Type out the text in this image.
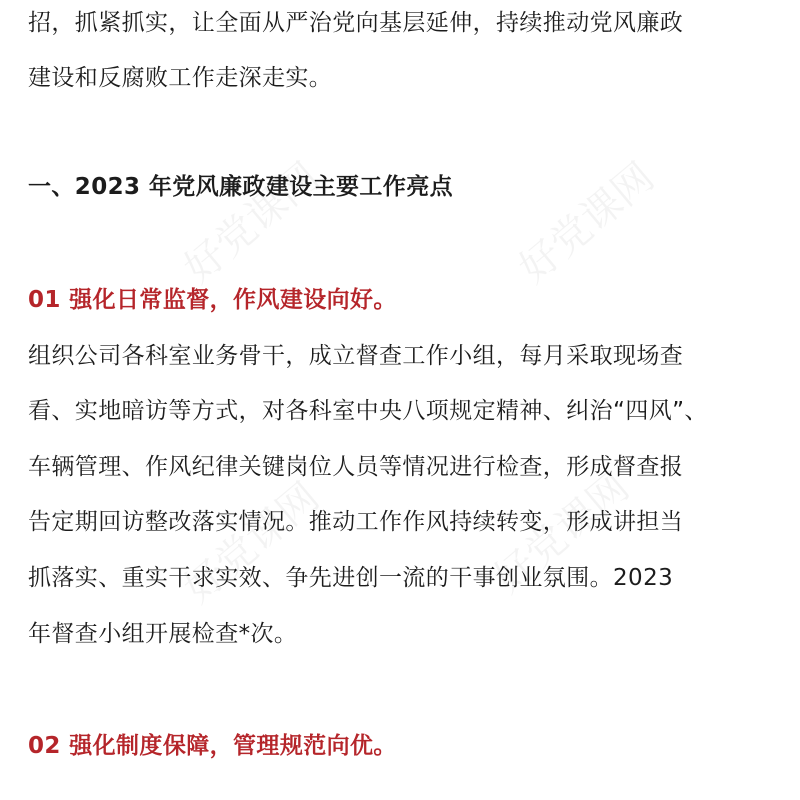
招，抓紧抓实，让全面从严治党向基层延伸，持续推动党风廉政
建设和反腐败工作走深走实。
一、2023 年党风廉政建设主要工作亮点
01 强化日常监督，作风建设向好。
组织公司各科室业务骨干，成立督查工作小组，每月采取现场查
看、实地暗访等方式，对各科室中央八项规定精神、纠治“四风”、
车辆管理、作风纪律关键岗位人员等情况进行检查，形成督查报
告定期回访整改落实情况。推动工作作风持续转变，形成讲担当
抓落实、重实干求实效、争先进创一流的干事创业氛围。2023
年督查小组开展检查*次。
02 强化制度保障，管理规范向优。
